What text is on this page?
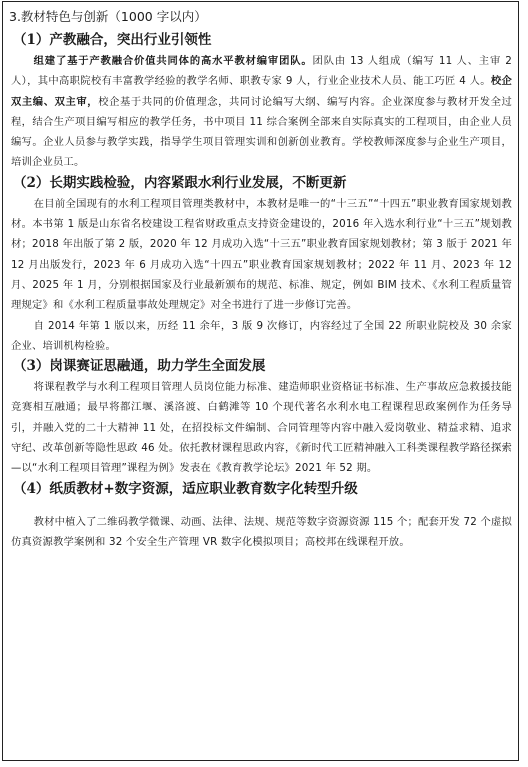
3.教材特色与创新（1000 字以内）
（1）产教融合，突出行业引领性

组建了基于产教融合价值共同体的高水平教材编审团队。团队由 13 人组成（编写 11 人、主审 2 人），其中高职院校有丰富教学经验的教学名师、职教专家 9 人，行业企业技术人员、能工巧匠 4 人。校企双主编、双主审，校企基于共同的价值理念，共同讨论编写大纲、编写内容。企业深度参与教材开发全过程，结合生产项目编写相应的教学任务，书中项目 11 综合案例全部来自实际真实的工程项目，由企业人员编写。企业人员参与教学实践，指导学生项目管理实训和创新创业教育。学校教师深度参与企业生产项目，培训企业员工。

（2）长期实践检验，内容紧跟水利行业发展，不断更新

在目前全国现有的水利工程项目管理类教材中，本教材是唯一的“十三五”“十四五”职业教育国家规划教材。本书第 1 版是山东省名校建设工程省财政重点支持资金建设的，2016 年入选水利行业“十三五”规划教材；2018 年出版了第 2 版，2020 年 12 月成功入选“十三五”职业教育国家规划教材；第 3 版于 2021 年 12 月出版发行，2023 年 6 月成功入选“十四五”职业教育国家规划教材；2022 年 11 月、2023 年 12 月、2025 年 1 月，分别根据国家及行业最新颁布的规范、标准、规定，例如 BIM 技术、《水利工程质量管理规定》和《水利工程质量事故处理规定》对全书进行了进一步修订完善。

自 2014 年第 1 版以来，历经 11 余年，3 版 9 次修订，内容经过了全国 22 所职业院校及 30 余家企业、培训机构检验。

（3）岗课赛证思融通，助力学生全面发展

将课程教学与水利工程项目管理人员岗位能力标准、建造师职业资格证书标准、生产事故应急救援技能竞赛相互融通；最早将都江堰、溪洛渡、白鹤滩等 10 个现代著名水利水电工程课程思政案例作为任务导引，并融入党的二十大精神 11 处，在招投标文件编制、合同管理等内容中融入爱岗敬业、精益求精、追求守纪、改革创新等隐性思政 46 处。依托教材课程思政内容，《新时代工匠精神融入工科类课程教学路径探索 —以“水利工程项目管理”课程为例》发表在《教育教学论坛》2021 年 52 期。

（4）纸质教材+数字资源，适应职业教育数字化转型升级

教材中植入了二维码教学微课、动画、法律、法规、规范等数字资源资源 115 个；配套开发 72 个虚拟仿真资源教学案例和 32 个安全生产管理 VR 数字化模拟项目；高校邦在线课程开放。
